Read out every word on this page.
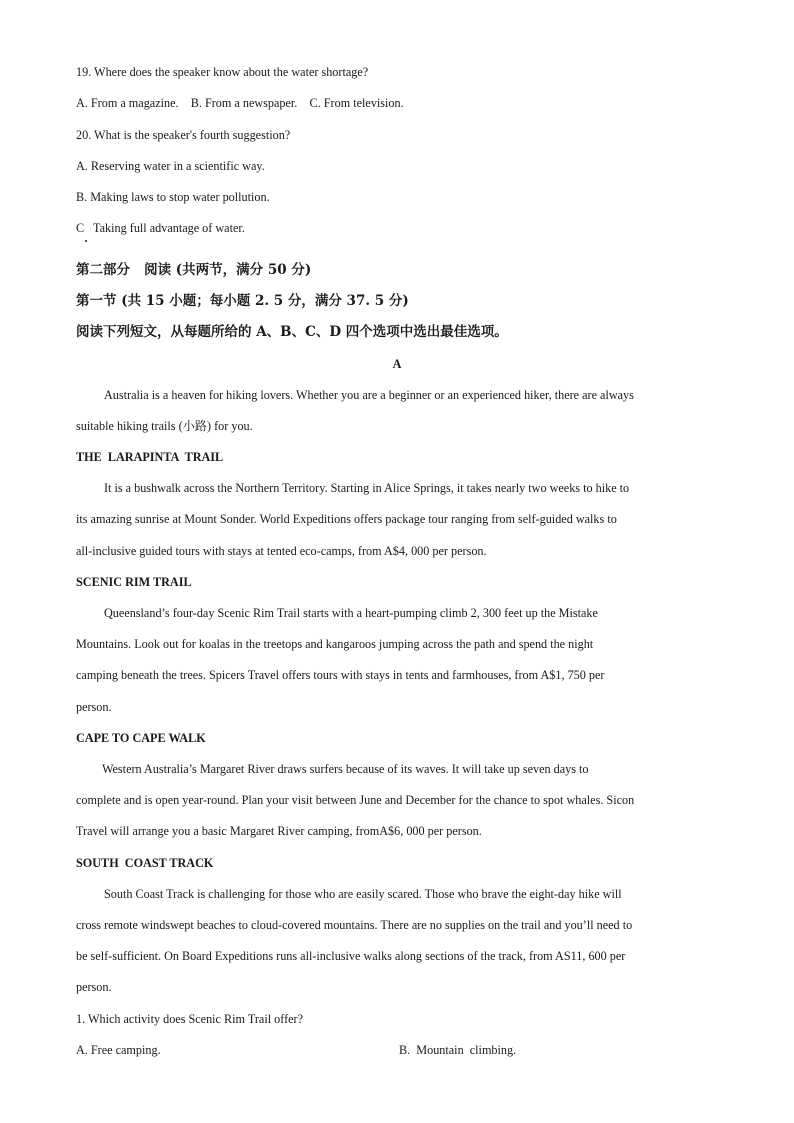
19. Where does the speaker know about the water shortage?
A. From a magazine.    B. From a newspaper.    C. From television.
20. What is the speaker's fourth suggestion?
A. Reserving water in a scientific way.
B. Making laws to stop water pollution.
C   Taking full advantage of water.
第二部分   阅读 (共两节，满分 50 分)
第一节 (共 15 小题；每小题 2. 5 分，满分 37. 5 分)
阅读下列短文，从每题所给的 A、B、C、D 四个选项中选出最佳选项。
A
Australia is a heaven for hiking lovers. Whether you are a beginner or an experienced hiker, there are always
suitable hiking trails (小路) for you.
THE  LARAPINTA  TRAIL
It is a bushwalk across the Northern Territory. Starting in Alice Springs, it takes nearly two weeks to hike to
its amazing sunrise at Mount Sonder. World Expeditions offers package tour ranging from self-guided walks to
all-inclusive guided tours with stays at tented eco-camps, from A$4, 000 per person.
SCENIC RIM TRAIL
Queensland’s four-day Scenic Rim Trail starts with a heart-pumping climb 2, 300 feet up the Mistake
Mountains. Look out for koalas in the treetops and kangaroos jumping across the path and spend the night
camping beneath the trees. Spicers Travel offers tours with stays in tents and farmhouses, from A$1, 750 per
person.
CAPE TO CAPE WALK
Western Australia’s Margaret River draws surfers because of its waves. It will take up seven days to
complete and is open year-round. Plan your visit between June and December for the chance to spot whales. Sicon
Travel will arrange you a basic Margaret River camping, fromA$6, 000 per person.
SOUTH  COAST TRACK
South Coast Track is challenging for those who are easily scared. Those who brave the eight-day hike will
cross remote windswept beaches to cloud-covered mountains. There are no supplies on the trail and you’ll need to
be self-sufficient. On Board Expeditions runs all-inclusive walks along sections of the track, from AS11, 600 per
person.
1. Which activity does Scenic Rim Trail offer?
A. Free camping.	B.  Mountain  climbing.
